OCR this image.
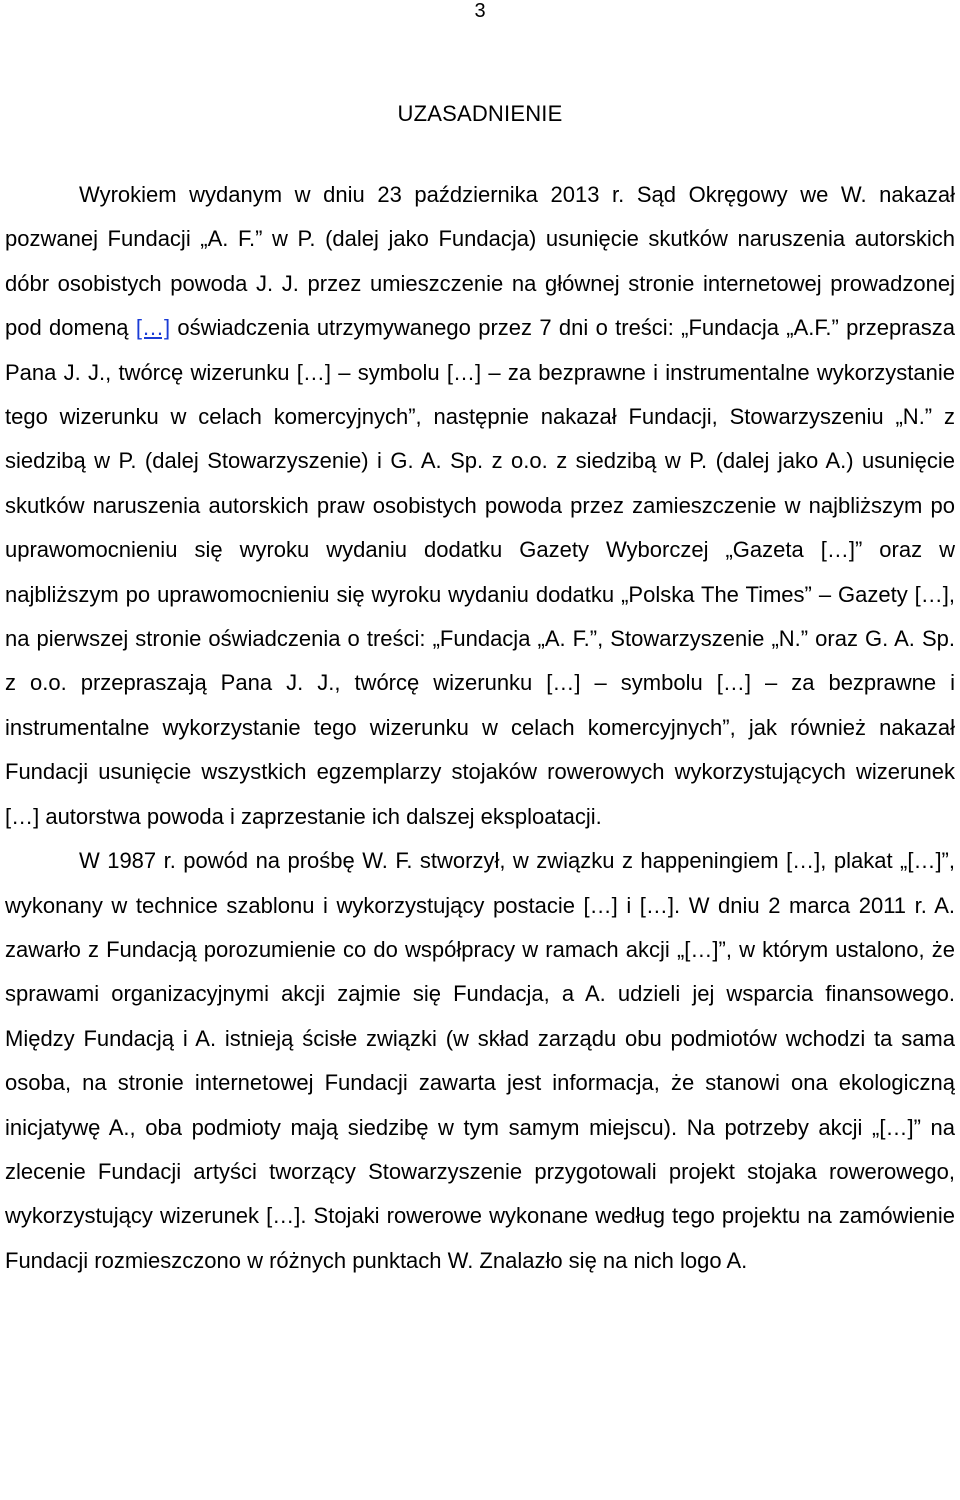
3
UZASADNIENIE

Wyrokiem wydanym w dniu 23 października 2013 r. Sąd Okręgowy we W. nakazał pozwanej Fundacji „A. F.” w P. (dalej jako Fundacja) usunięcie skutków naruszenia autorskich dóbr osobistych powoda J. J. przez umieszczenie na głównej stronie internetowej prowadzonej pod domeną […] oświadczenia utrzymywanego przez 7 dni o treści: „Fundacja „A.F.” przeprasza Pana J. J., twórcę wizerunku […] – symbolu […] – za bezprawne i instrumentalne wykorzystanie tego wizerunku w celach komercyjnych”, następnie nakazał Fundacji, Stowarzyszeniu „N.” z siedzibą w P. (dalej Stowarzyszenie) i G. A. Sp. z o.o. z siedzibą w P. (dalej jako A.) usunięcie skutków naruszenia autorskich praw osobistych powoda przez zamieszczenie w najbliższym po uprawomocnieniu się wyroku wydaniu dodatku Gazety Wyborczej „Gazeta […]” oraz w najbliższym po uprawomocnieniu się wyroku wydaniu dodatku „Polska The Times” – Gazety […], na pierwszej stronie oświadczenia o treści: „Fundacja „A. F.”, Stowarzyszenie „N.” oraz G. A. Sp. z o.o. przepraszają Pana J. J., twórcę wizerunku […] – symbolu […] – za bezprawne i instrumentalne wykorzystanie tego wizerunku w celach komercyjnych”, jak również nakazał Fundacji usunięcie wszystkich egzemplarzy stojaków rowerowych wykorzystujących wizerunek […] autorstwa powoda i zaprzestanie ich dalszej eksploatacji.

W 1987 r. powód na prośbę W. F. stworzył, w związku z happeningiem […], plakat „[…]”, wykonany w technice szablonu i wykorzystujący postacie […] i […]. W dniu 2 marca 2011 r. A. zawarło z Fundacją porozumienie co do współpracy w ramach akcji „[…]”, w którym ustalono, że sprawami organizacyjnymi akcji zajmie się Fundacja, a A. udzieli jej wsparcia finansowego. Między Fundacją i A. istnieją ścisłe związki (w skład zarządu obu podmiotów wchodzi ta sama osoba, na stronie internetowej Fundacji zawarta jest informacja, że stanowi ona ekologiczną inicjatywę A., oba podmioty mają siedzibę w tym samym miejscu). Na potrzeby akcji „[…]” na zlecenie Fundacji artyści tworzący Stowarzyszenie przygotowali projekt stojaka rowerowego, wykorzystujący wizerunek […]. Stojaki rowerowe wykonane według tego projektu na zamówienie Fundacji rozmieszczono w różnych punktach W. Znalazło się na nich logo A.
